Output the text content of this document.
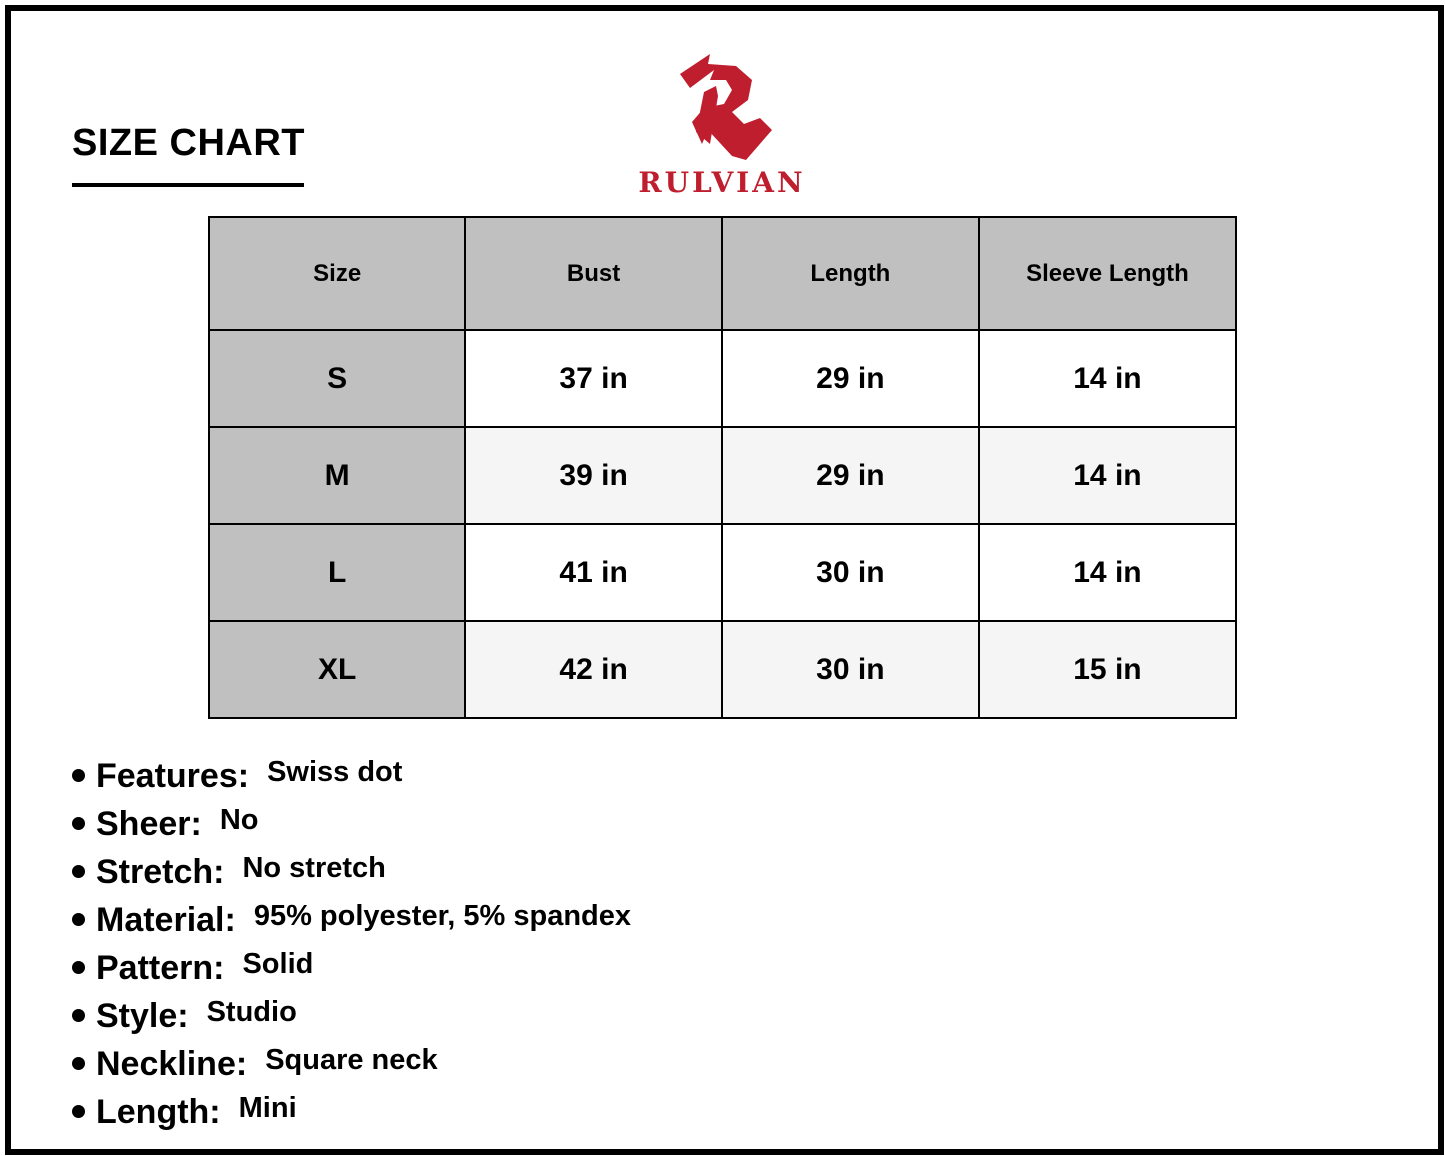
SIZE CHART
RULVIAN
Size	Bust	Length	Sleeve Length
S	37 in	29 in	14 in
M	39 in	29 in	14 in
L	41 in	30 in	14 in
XL	42 in	30 in	15 in
Features: Swiss dot
Sheer: No
Stretch: No stretch
Material: 95% polyester, 5% spandex
Pattern: Solid
Style: Studio
Neckline: Square neck
Length: Mini
